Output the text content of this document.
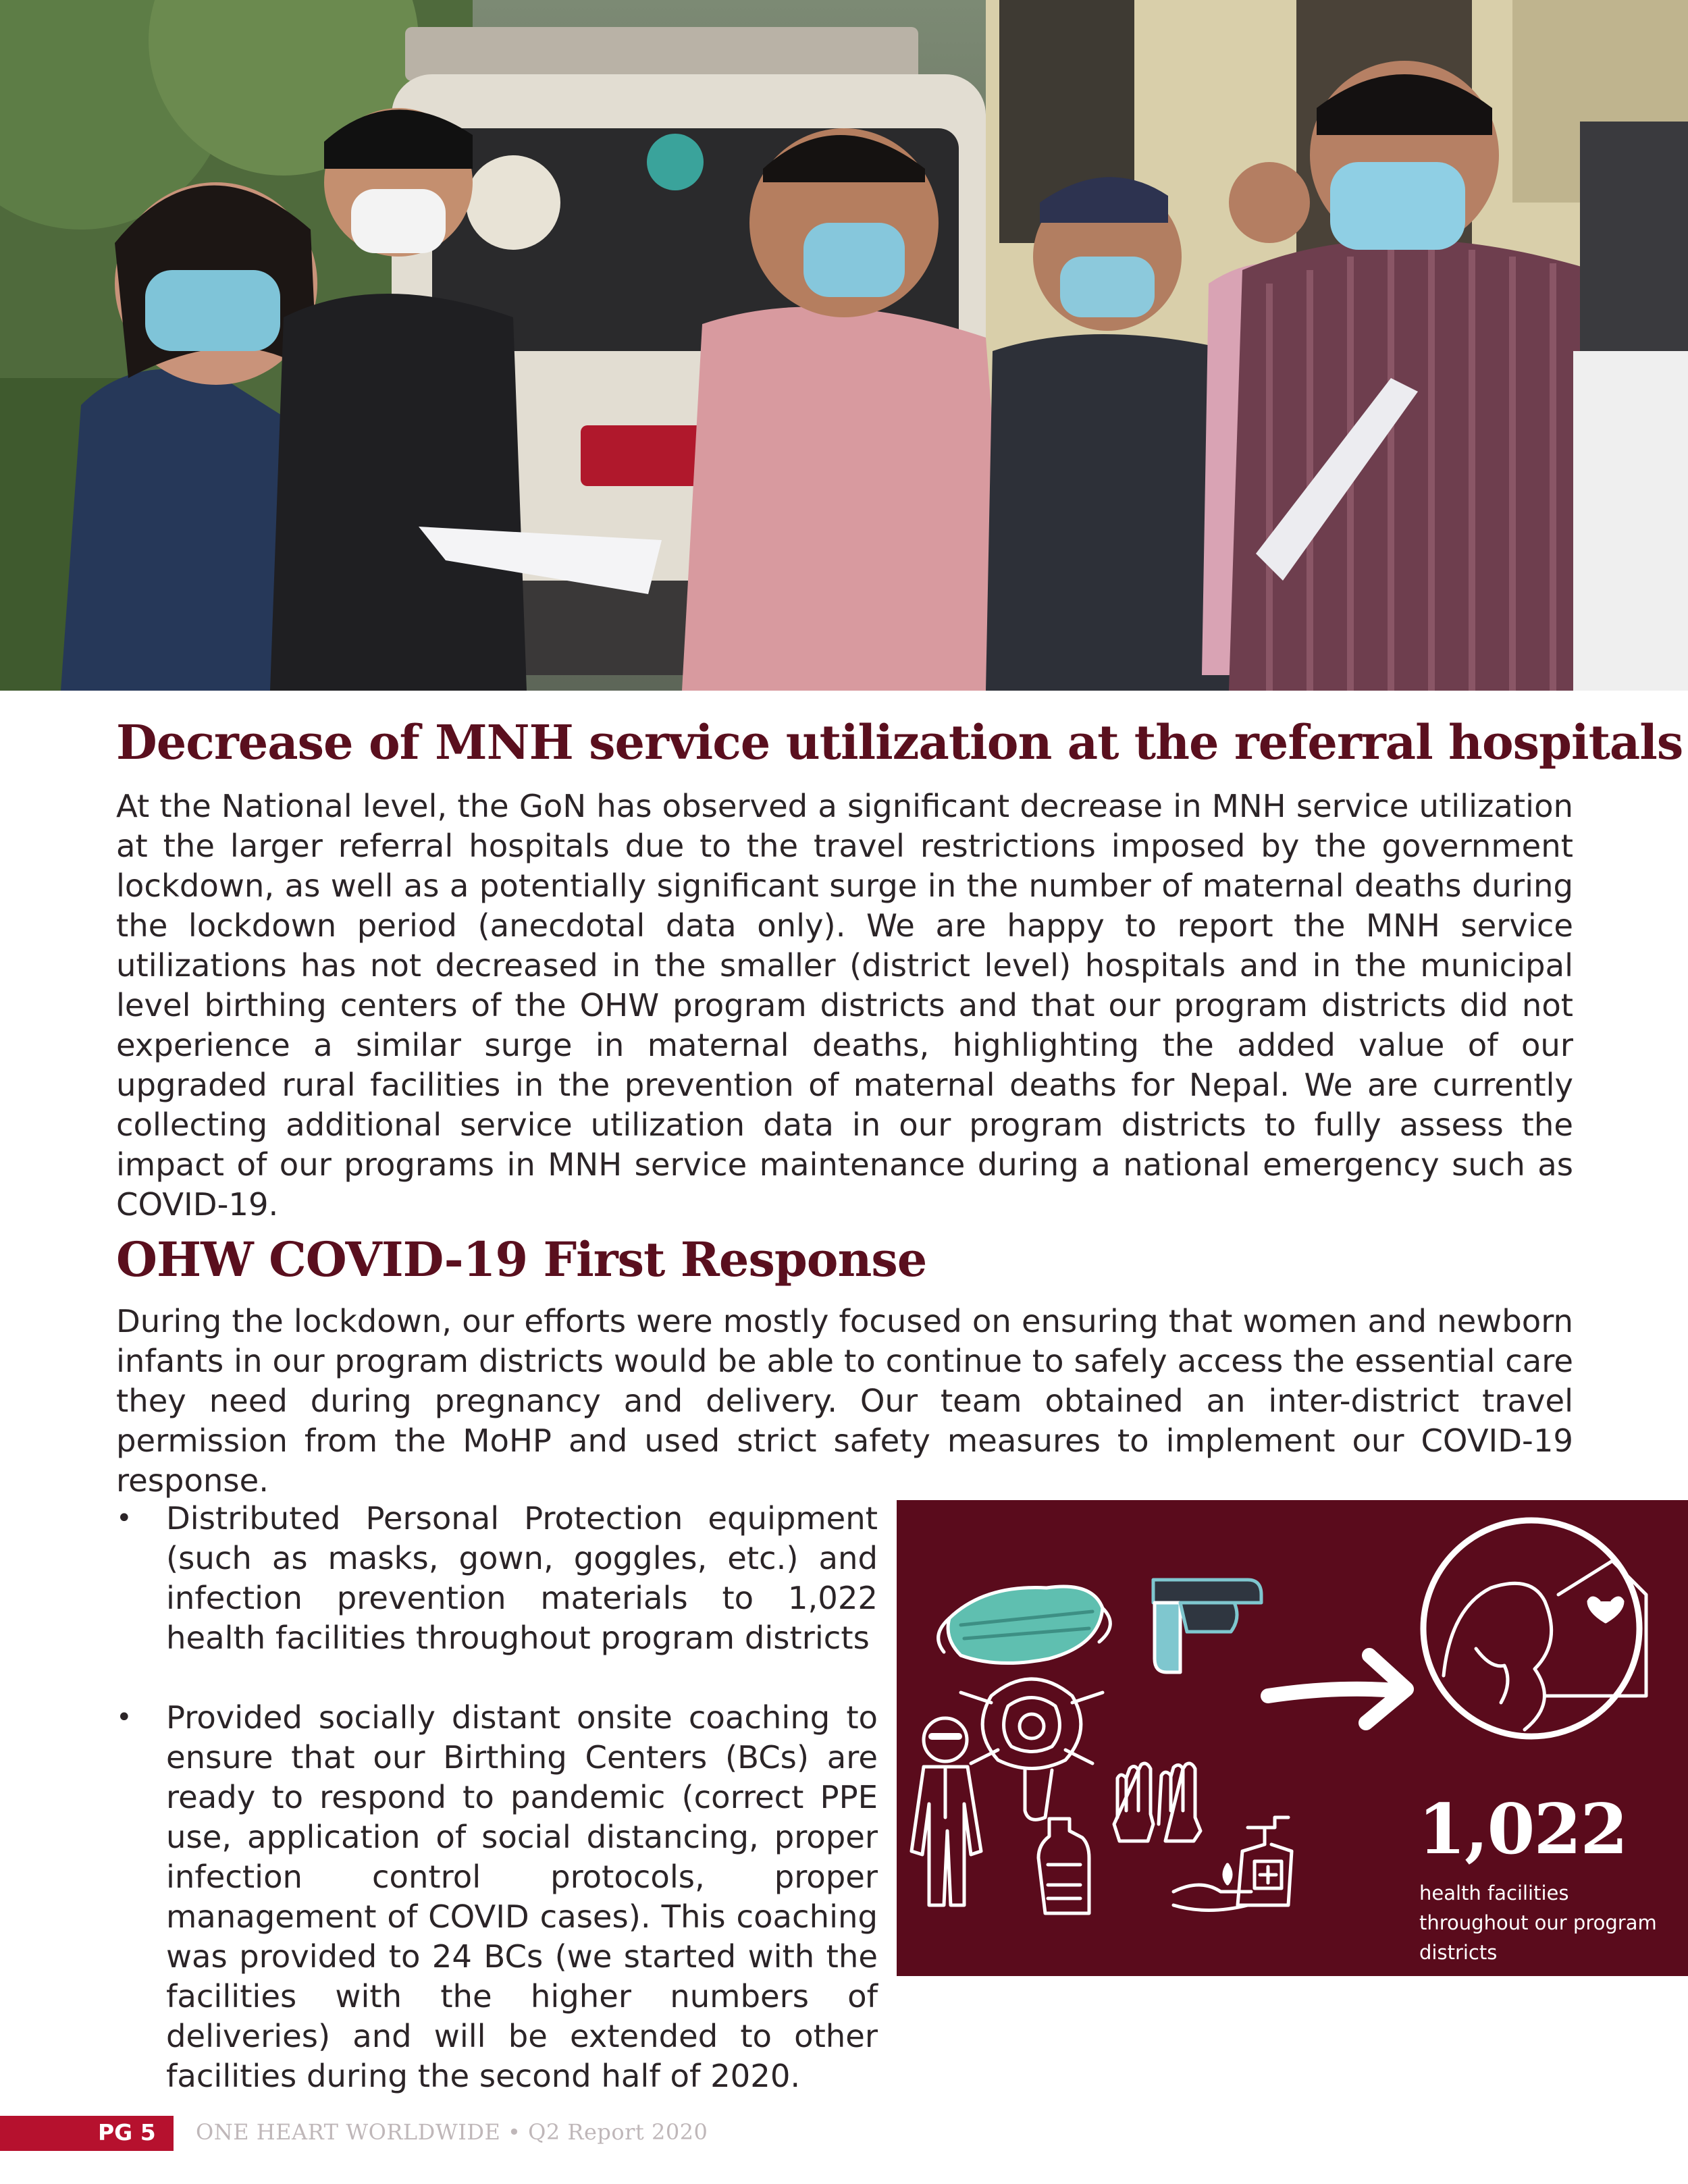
Decrease of MNH service utilization at the referral hospitals

At the National level, the GoN has observed a significant decrease in MNH service utilization at the larger referral hospitals due to the travel restrictions imposed by the government lockdown, as well as a potentially significant surge in the number of maternal deaths during the lockdown period (anecdotal data only). We are happy to report the MNH service utilizations has not decreased in the smaller (district level) hospitals and in the municipal level birthing centers of the OHW program districts and that our program districts did not experience a similar surge in maternal deaths, highlighting the added value of our upgraded rural facilities in the prevention of maternal deaths for Nepal. We are currently collecting additional service utilization data in our program districts to fully assess the impact of our programs in MNH service maintenance during a national emergency such as COVID-19.

OHW COVID-19 First Response

During the lockdown, our efforts were mostly focused on ensuring that women and newborn infants in our program districts would be able to continue to safely access the essential care they need during pregnancy and delivery. Our team obtained an inter-district travel permission from the MoHP and used strict safety measures to implement our COVID-19 response.

• Distributed Personal Protection equipment (such as masks, gown, goggles, etc.) and infection prevention materials to 1,022 health facilities throughout program districts
• Provided socially distant onsite coaching to ensure that our Birthing Centers (BCs) are ready to respond to pandemic (correct PPE use, application of social distancing, proper infection control protocols, proper management of COVID cases). This coaching was provided to 24 BCs (we started with the facilities with the higher numbers of deliveries) and will be extended to other facilities during the second half of 2020.
1,022
health facilities throughout our program districts
PG 5 ONE HEART WORLDWIDE • Q2 Report 2020
